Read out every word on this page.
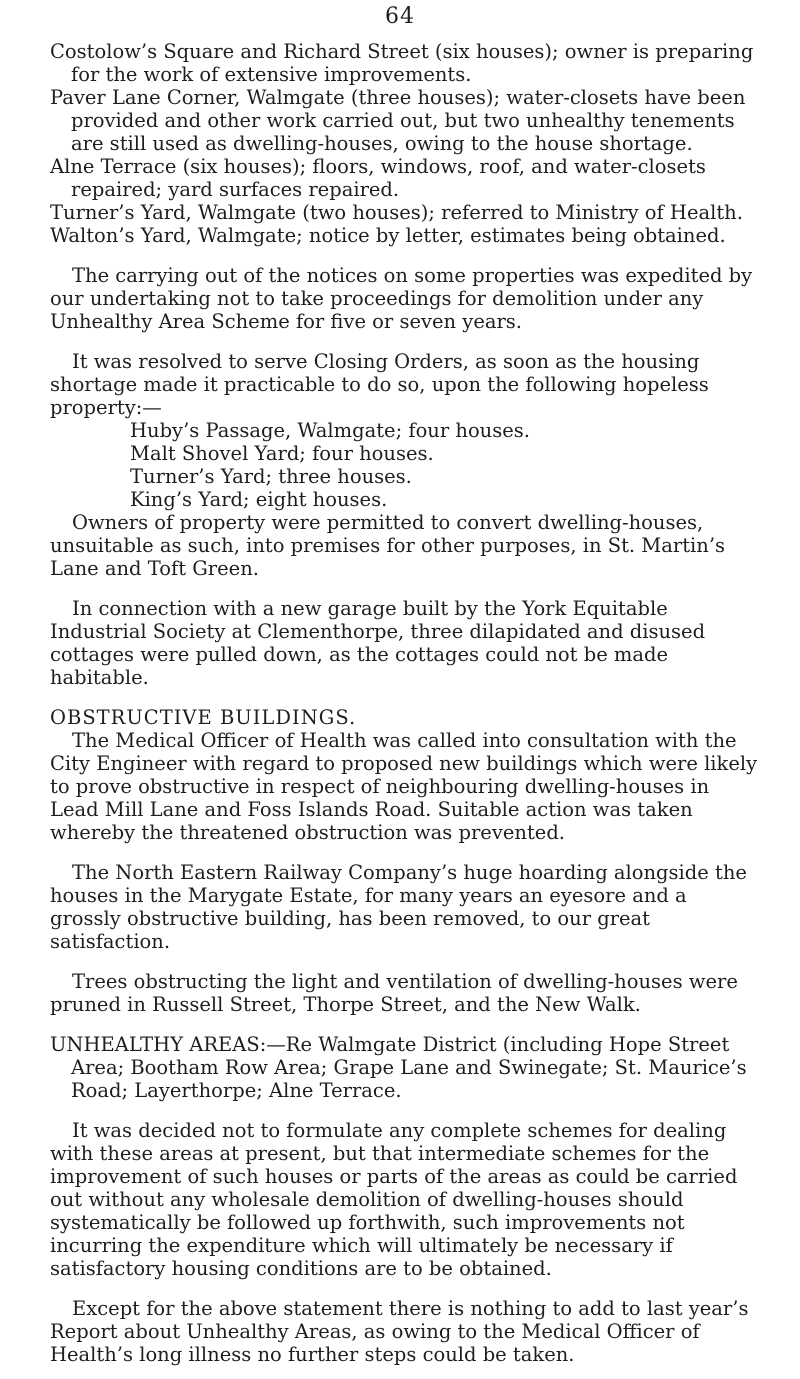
64

Costolow’s Square and Richard Street (six houses); owner is preparing for the work of extensive improvements.

Paver Lane Corner, Walmgate (three houses); water-closets have been provided and other work carried out, but two unhealthy tenements are still used as dwelling-houses, owing to the house shortage.

Alne Terrace (six houses); floors, windows, roof, and water-closets repaired; yard surfaces repaired.

Turner’s Yard, Walmgate (two houses); referred to Ministry of Health.

Walton’s Yard, Walmgate; notice by letter, estimates being obtained.

The carrying out of the notices on some properties was expedited by our undertaking not to take proceedings for demolition under any Unhealthy Area Scheme for five or seven years.

It was resolved to serve Closing Orders, as soon as the housing shortage made it practicable to do so, upon the following hopeless property:—

Huby’s Passage, Walmgate; four houses.

Malt Shovel Yard; four houses.

Turner’s Yard; three houses.

King’s Yard; eight houses.

Owners of property were permitted to convert dwelling-houses, unsuitable as such, into premises for other purposes, in St. Martin’s Lane and Toft Green.

In connection with a new garage built by the York Equitable Industrial Society at Clementhorpe, three dilapidated and disused cottages were pulled down, as the cottages could not be made habitable.

OBSTRUCTIVE BUILDINGS.

The Medical Officer of Health was called into consultation with the City Engineer with regard to proposed new buildings which were likely to prove obstructive in respect of neighbouring dwelling-houses in Lead Mill Lane and Foss Islands Road. Suitable action was taken whereby the threatened obstruction was prevented.

The North Eastern Railway Company’s huge hoarding alongside the houses in the Marygate Estate, for many years an eyesore and a grossly obstructive building, has been removed, to our great satisfaction.

Trees obstructing the light and ventilation of dwelling-houses were pruned in Russell Street, Thorpe Street, and the New Walk.

UNHEALTHY AREAS:—Re Walmgate District (including Hope Street Area; Bootham Row Area; Grape Lane and Swinegate; St. Maurice’s Road; Layerthorpe; Alne Terrace.

It was decided not to formulate any complete schemes for dealing with these areas at present, but that intermediate schemes for the improvement of such houses or parts of the areas as could be carried out without any wholesale demolition of dwelling-houses should systematically be followed up forthwith, such improvements not incurring the expenditure which will ultimately be necessary if satisfactory housing conditions are to be obtained.

Except for the above statement there is nothing to add to last year’s Report about Unhealthy Areas, as owing to the Medical Officer of Health’s long illness no further steps could be taken.
